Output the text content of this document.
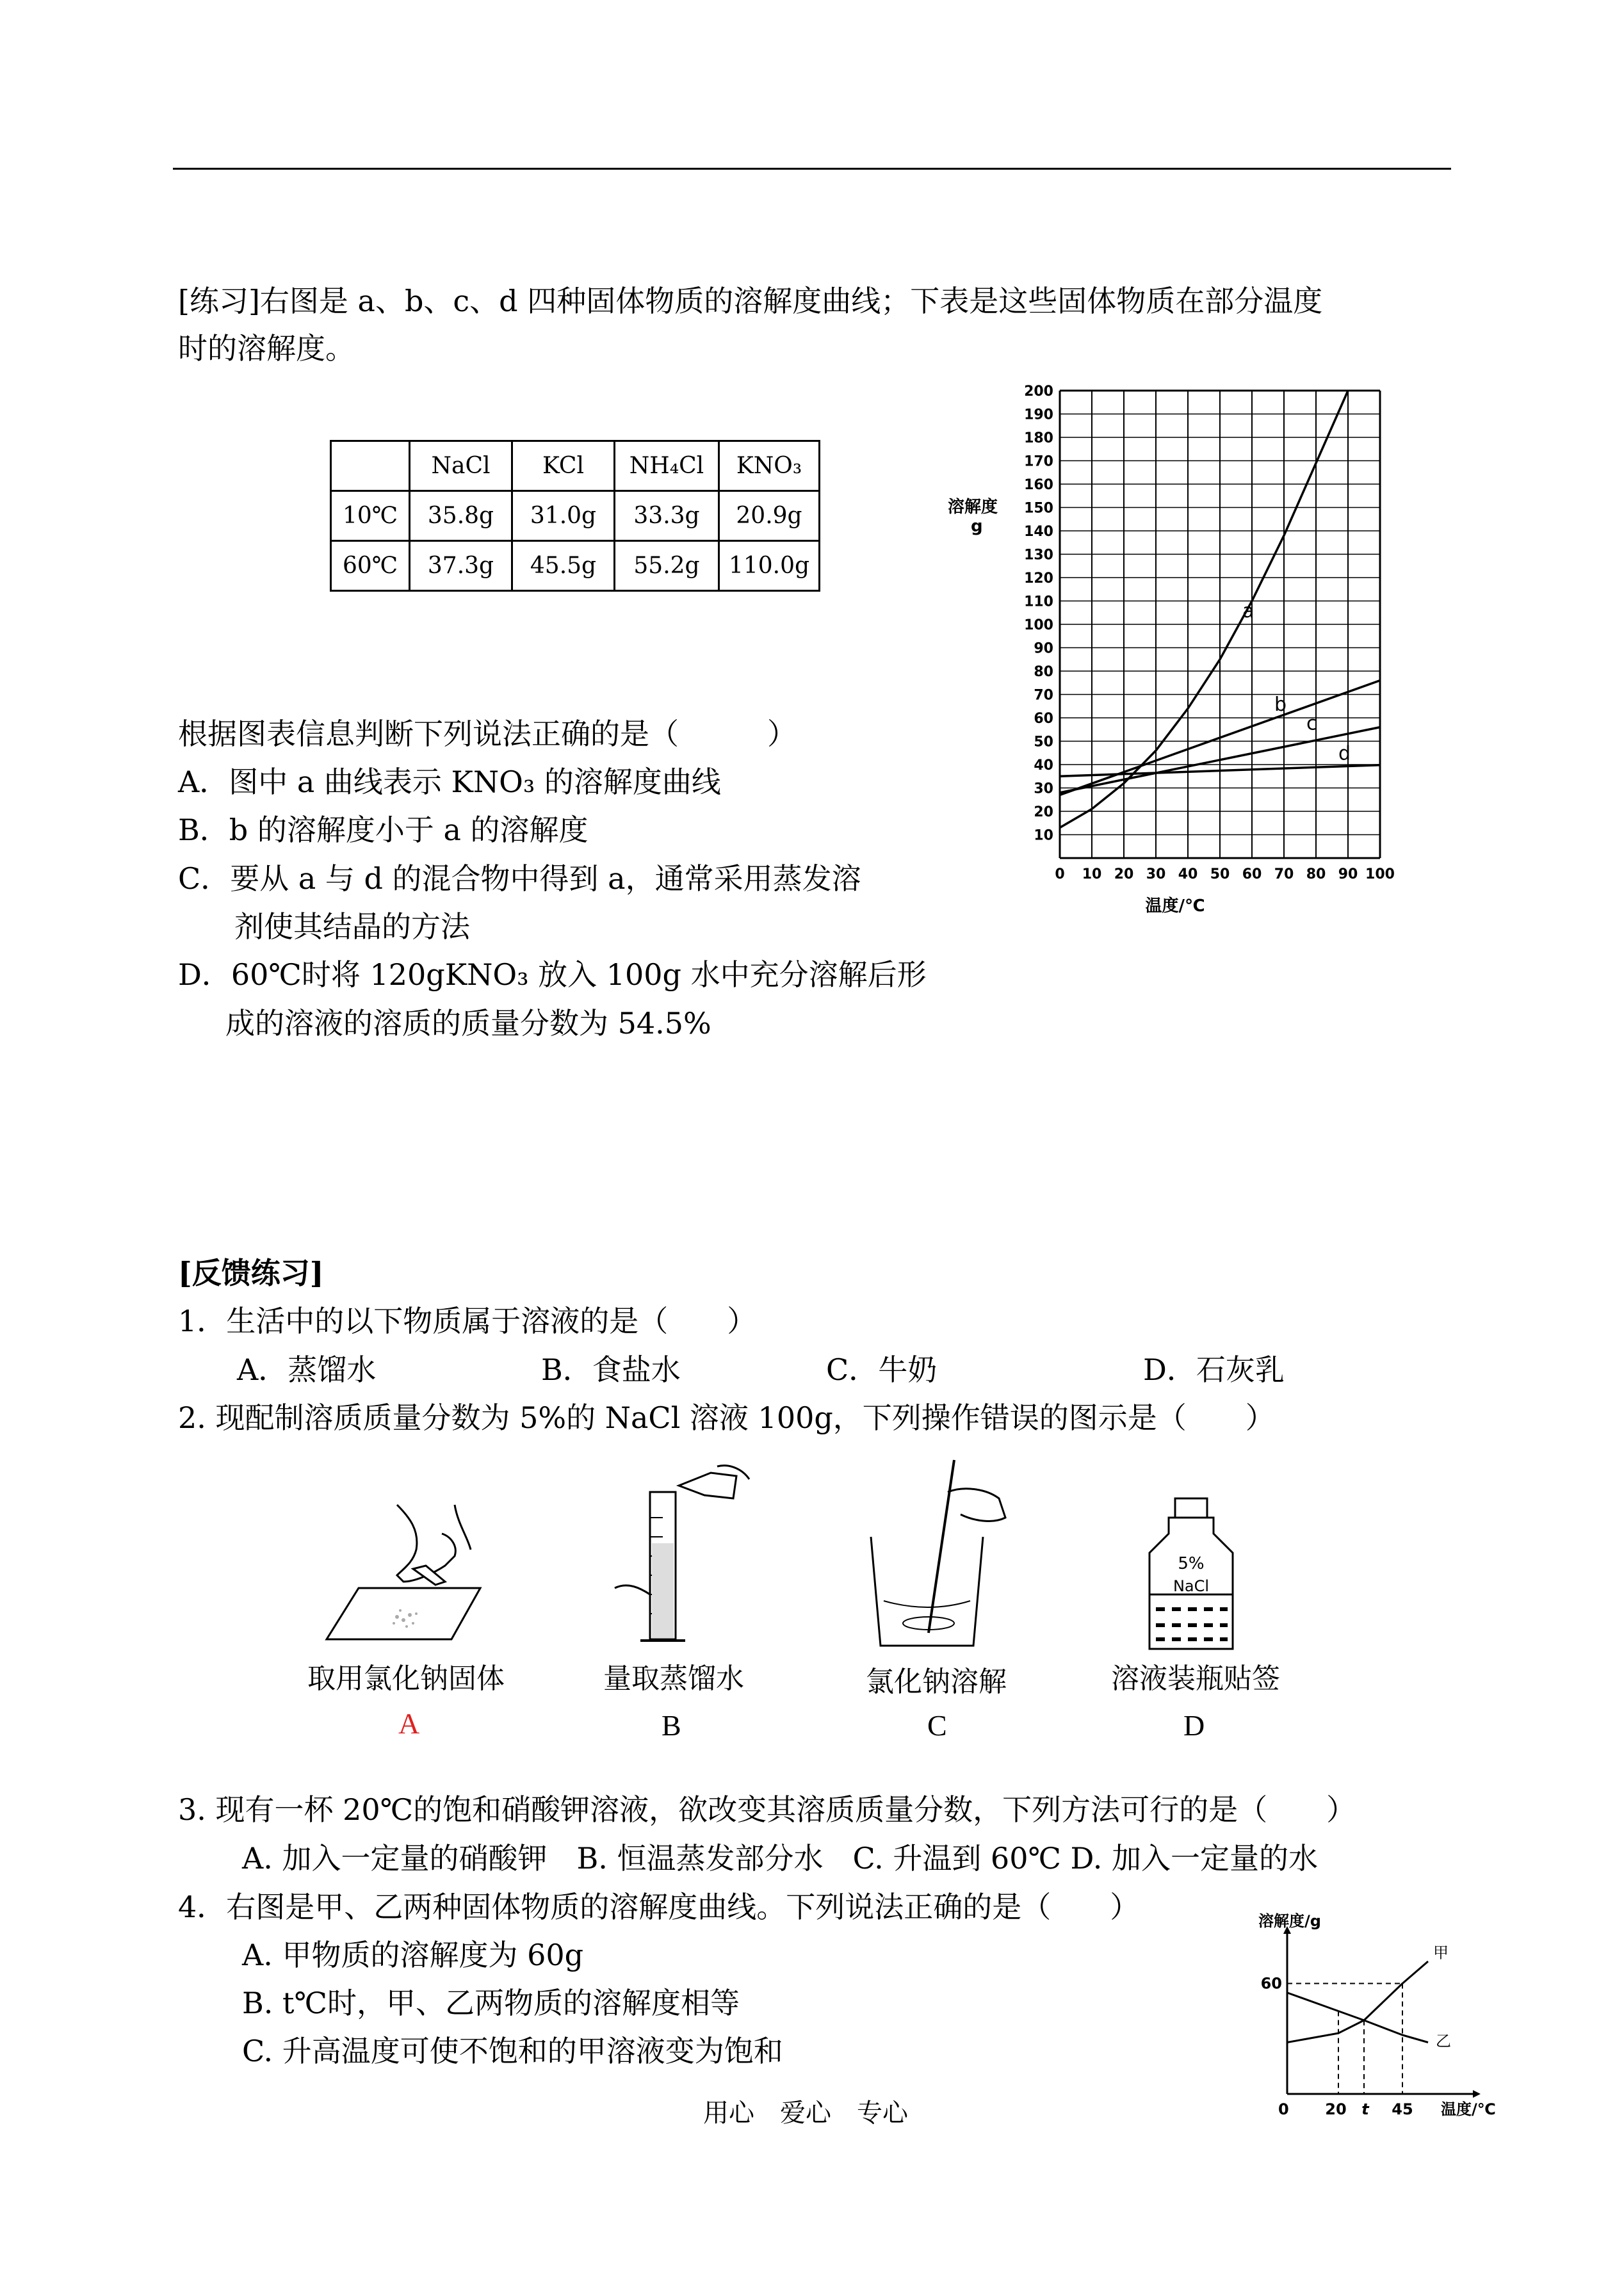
[练习]右图是 a、b、c、d 四种固体物质的溶解度曲线；下表是这些固体物质在部分温度
时的溶解度。
	NaCl	KCl	NH₄Cl	KNO₃
10℃	35.8g	31.0g	33.3g	20.9g
60℃	37.3g	45.5g	55.2g	110.0g
10
20
30
40
50
60
70
80
90
100
110
120
130
140
150
160
170
180
190
200
0 10 20 30 40 50 60 70 80 90 100
a
b
c
d
溶解度 g
温度/℃
根据图表信息判断下列说法正确的是（　　　）
A．图中 a 曲线表示 KNO₃ 的溶解度曲线
B．b 的溶解度小于 a 的溶解度
C．要从 a 与 d 的混合物中得到 a，通常采用蒸发溶
剂使其结晶的方法
D．60℃时将 120gKNO₃ 放入 100g 水中充分溶解后形
成的溶液的溶质的质量分数为 54.5%
[反馈练习]
1．生活中的以下物质属于溶液的是（　　）
A．蒸馏水	B．食盐水	C．牛奶	D．石灰乳
2. 现配制溶质质量分数为 5%的 NaCl 溶液 100g，下列操作错误的图示是（　　）
5%
NaCl
取用氯化钠固体	量取蒸馏水	氯化钠溶解	溶液装瓶贴签
A	B	C	D
3. 现有一杯 20℃的饱和硝酸钾溶液，欲改变其溶质质量分数，下列方法可行的是（　　）
A. 加入一定量的硝酸钾　B. 恒温蒸发部分水　C. 升温到 60℃ D. 加入一定量的水
4．右图是甲、乙两种固体物质的溶解度曲线。下列说法正确的是（　　）
A. 甲物质的溶解度为 60g
B. t℃时，甲、乙两物质的溶解度相等
C. 升高温度可使不饱和的甲溶液变为饱和
甲
乙
60
0 20 t 45
溶解度/g
温度/℃
用心　爱心　专心
